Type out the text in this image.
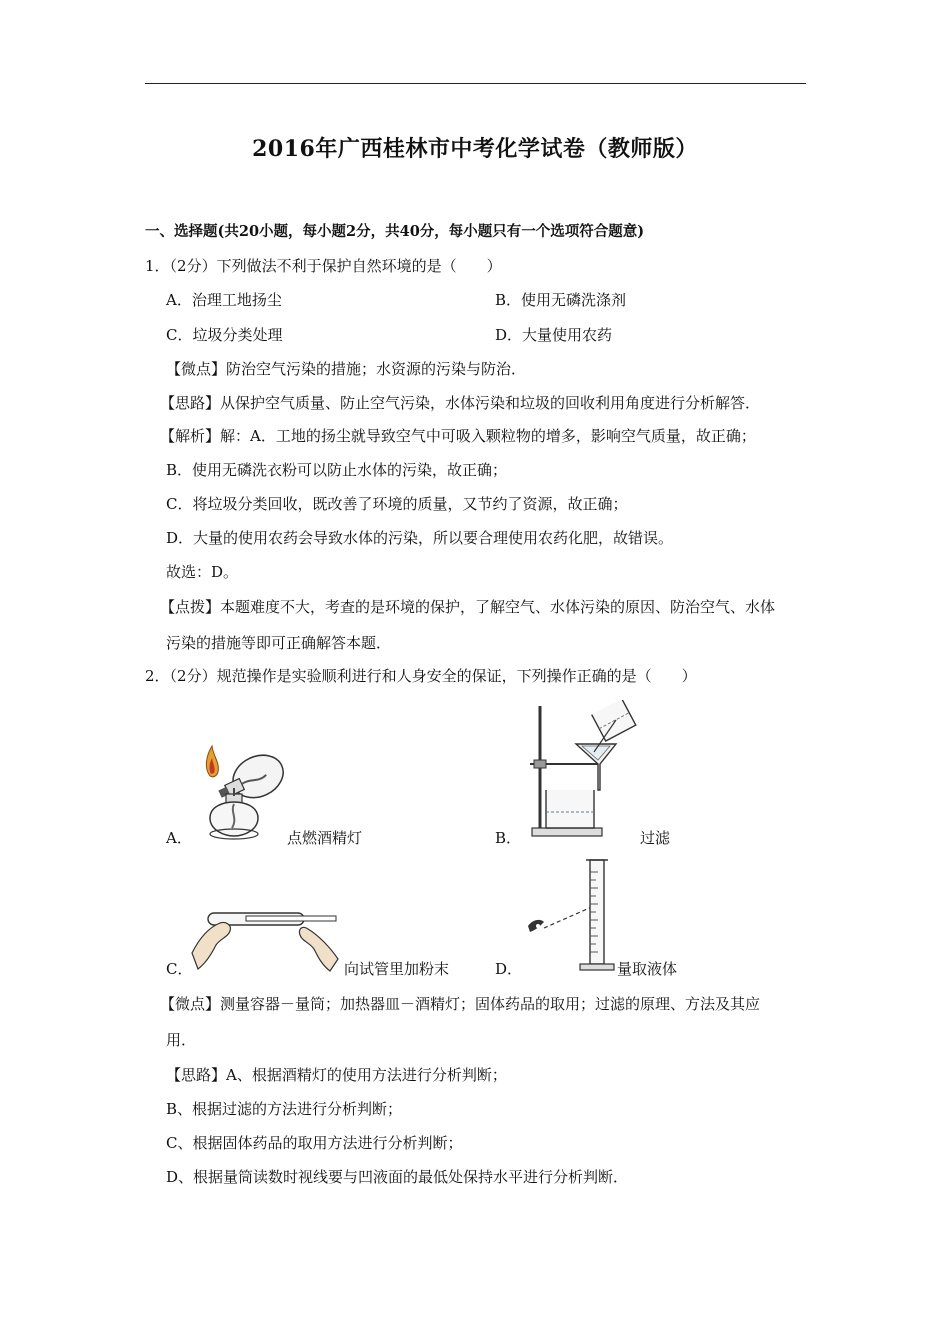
2016年广西桂林市中考化学试卷（教师版）
一、选择题(共20小题，每小题2分，共40分，每小题只有一个选项符合题意)
1．（2分）下列做法不利于保护自然环境的是（　　）
A．治理工地扬尘	B．使用无磷洗涤剂
C．垃圾分类处理	D．大量使用农药
【微点】防治空气污染的措施；水资源的污染与防治．
【思路】从保护空气质量、防止空气污染，水体污染和垃圾的回收利用角度进行分析解答．
【解析】解：A．工地的扬尘就导致空气中可吸入颗粒物的增多，影响空气质量，故正确；
B．使用无磷洗衣粉可以防止水体的污染，故正确；
C．将垃圾分类回收，既改善了环境的质量，又节约了资源，故正确；
D．大量的使用农药会导致水体的污染，所以要合理使用农药化肥，故错误。
故选：D。
【点拨】本题难度不大，考查的是环境的保护，了解空气、水体污染的原因、防治空气、水体
污染的措施等即可正确解答本题．
2．（2分）规范操作是实验顺利进行和人身安全的保证，下列操作正确的是（　　）
A．	点燃酒精灯	B．	过滤
C．	向试管里加粉末	D．	量取液体
【微点】测量容器－量筒；加热器皿－酒精灯；固体药品的取用；过滤的原理、方法及其应
用．
【思路】A、根据酒精灯的使用方法进行分析判断；
B、根据过滤的方法进行分析判断；
C、根据固体药品的取用方法进行分析判断；
D、根据量筒读数时视线要与凹液面的最低处保持水平进行分析判断．
